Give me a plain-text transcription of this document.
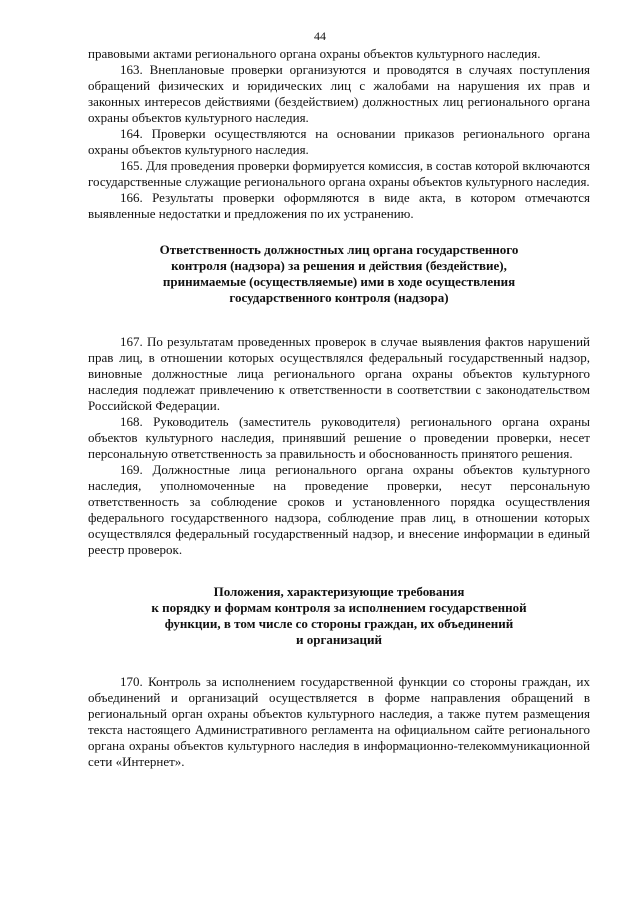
44

правовыми актами регионального органа охраны объектов культурного наследия.

163. Внеплановые проверки организуются и проводятся в случаях поступления обращений физических и юридических лиц с жалобами на нарушения их прав и законных интересов действиями (бездействием) должностных лиц регионального органа охраны объектов культурного наследия.

164. Проверки осуществляются на основании приказов регионального органа охраны объектов культурного наследия.

165. Для проведения проверки формируется комиссия, в состав которой включаются государственные служащие регионального органа охраны объектов культурного наследия.

166. Результаты проверки оформляются в виде акта, в котором отмечаются выявленные недостатки и предложения по их устранению.

Ответственность должностных лиц органа государственного
контроля (надзора) за решения и действия (бездействие),
принимаемые (осуществляемые) ими в ходе осуществления
государственного контроля (надзора)

167. По результатам проведенных проверок в случае выявления фактов нарушений прав лиц, в отношении которых осуществлялся федеральный государственный надзор, виновные должностные лица регионального органа охраны объектов культурного наследия подлежат привлечению к ответственности в соответствии с законодательством Российской Федерации.

168. Руководитель (заместитель руководителя) регионального органа охраны объектов культурного наследия, принявший решение о проведении проверки, несет персональную ответственность за правильность и обоснованность принятого решения.

169. Должностные лица регионального органа охраны объектов культурного наследия, уполномоченные на проведение проверки, несут персональную ответственность за соблюдение сроков и установленного порядка осуществления федерального государственного надзора, соблюдение прав лиц, в отношении которых осуществлялся федеральный государственный надзор, и внесение информации в единый реестр проверок.

Положения, характеризующие требования
к порядку и формам контроля за исполнением государственной
функции, в том числе со стороны граждан, их объединений
и организаций

170. Контроль за исполнением государственной функции со стороны граждан, их объединений и организаций осуществляется в форме направления обращений в региональный орган охраны объектов культурного наследия, а также путем размещения текста настоящего Административного регламента на официальном сайте регионального органа охраны объектов культурного наследия в информационно-телекоммуникационной сети «Интернет».
